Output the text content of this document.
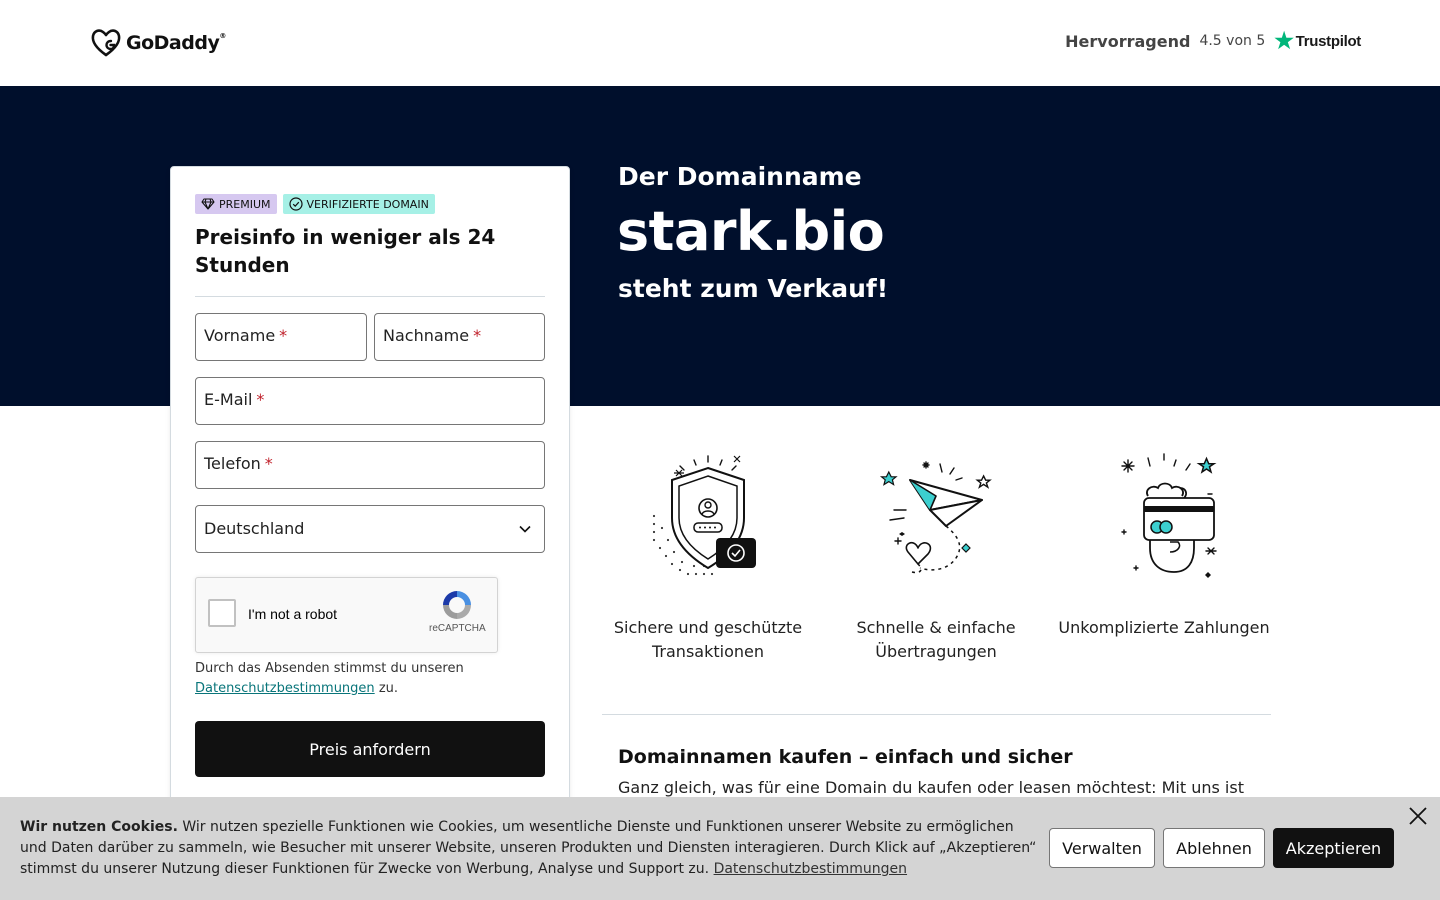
GoDaddy®	Hervorragend 4.5 von 5 ★ Trustpilot
Der Domainname
stark.bio
steht zum Verkauf!
PREMIUM	VERIFIZIERTE DOMAIN
Preisinfo in weniger als 24 Stunden
Vorname *	Nachname *
E-Mail *
Telefon *
Deutschland
I'm not a robot
reCAPTCHA
Durch das Absenden stimmst du unseren
Datenschutzbestimmungen zu.
Preis anfordern
Sichere und geschützte Transaktionen
Schnelle & einfache Übertragungen
Unkomplizierte Zahlungen
Domainnamen kaufen – einfach und sicher
Ganz gleich, was für eine Domain du kaufen oder leasen möchtest: Mit uns ist
Wir nutzen Cookies. Wir nutzen spezielle Funktionen wie Cookies, um wesentliche Dienste und Funktionen unserer Website zu ermöglichen und Daten darüber zu sammeln, wie Besucher mit unserer Website, unseren Produkten und Diensten interagieren. Durch Klick auf „Akzeptieren“ stimmst du unserer Nutzung dieser Funktionen für Zwecke von Werbung, Analyse und Support zu. Datenschutzbestimmungen
Verwalten	Ablehnen	Akzeptieren
